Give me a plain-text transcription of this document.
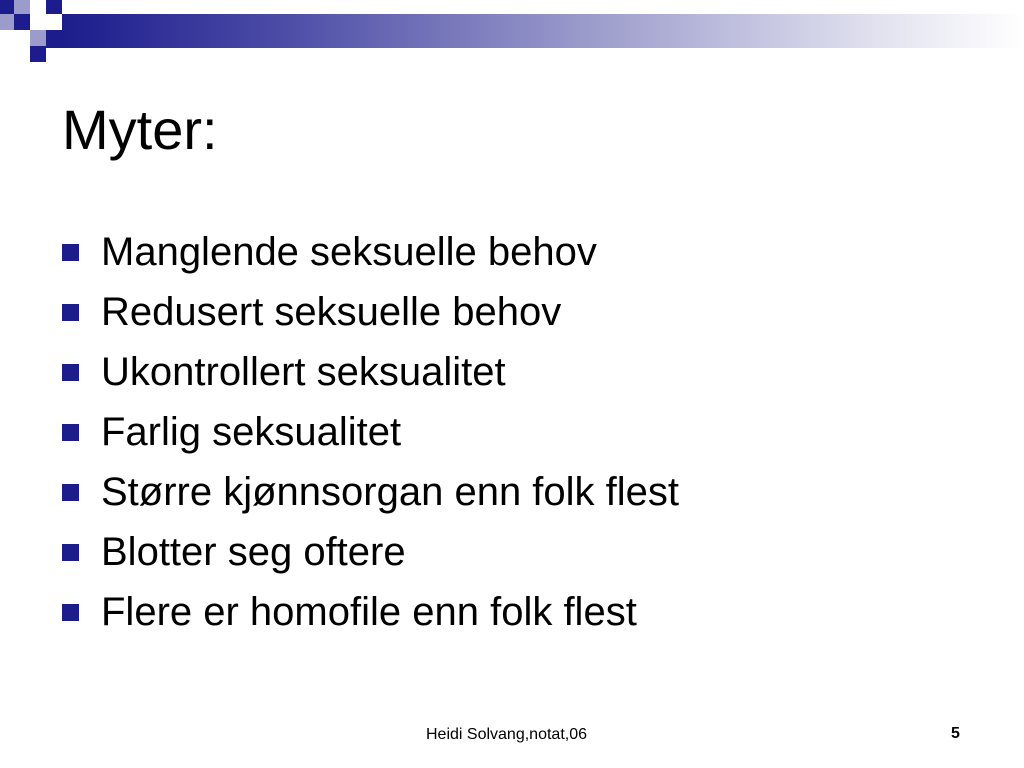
Myter:
Manglende seksuelle behov
Redusert seksuelle behov
Ukontrollert seksualitet
Farlig seksualitet
Større kjønnsorgan enn folk flest
Blotter seg oftere
Flere er homofile enn folk flest
Heidi Solvang,notat,06	5
